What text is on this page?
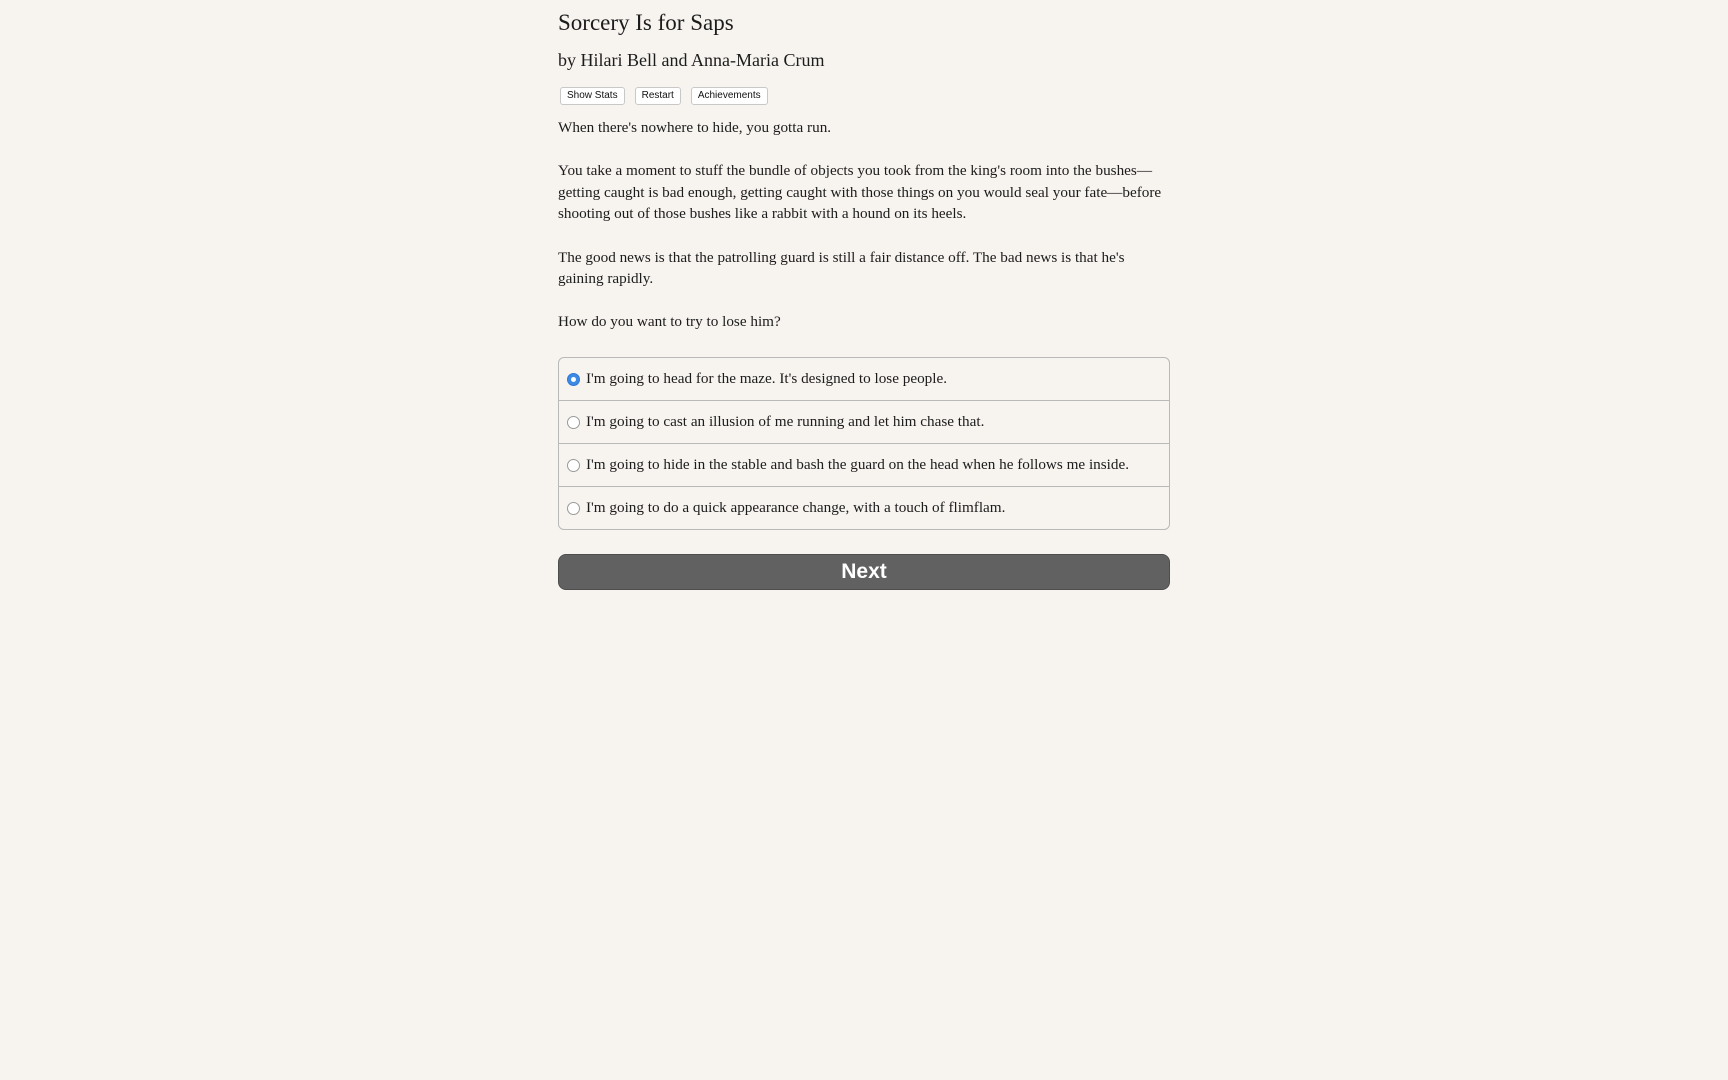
Sorcery Is for Saps
by Hilari Bell and Anna-Maria Crum
Show Stats	Restart	Achievements

When there's nowhere to hide, you gotta run.

You take a moment to stuff the bundle of objects you took from the king's room into the bushes—getting caught is bad enough, getting caught with those things on you would seal your fate—before shooting out of those bushes like a rabbit with a hound on its heels.

The good news is that the patrolling guard is still a fair distance off. The bad news is that he's gaining rapidly.

How do you want to try to lose him?

I'm going to head for the maze. It's designed to lose people.
I'm going to cast an illusion of me running and let him chase that.
I'm going to hide in the stable and bash the guard on the head when he follows me inside.
I'm going to do a quick appearance change, with a touch of flimflam.
Next
